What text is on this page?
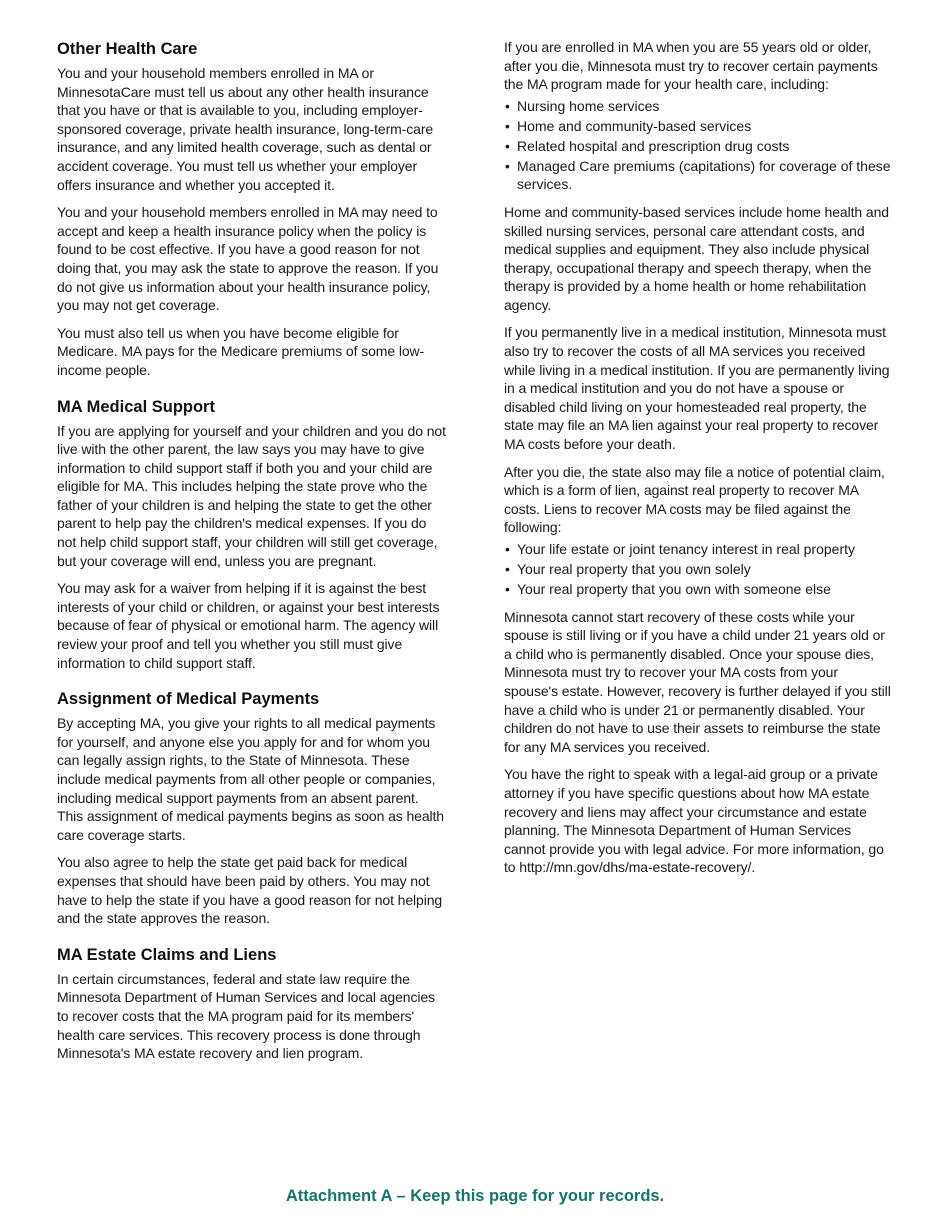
Other Health Care

You and your household members enrolled in MA or MinnesotaCare must tell us about any other health insurance that you have or that is available to you, including employer-sponsored coverage, private health insurance, long-term-care insurance, and any limited health coverage, such as dental or accident coverage. You must tell us whether your employer offers insurance and whether you accepted it.

You and your household members enrolled in MA may need to accept and keep a health insurance policy when the policy is found to be cost effective. If you have a good reason for not doing that, you may ask the state to approve the reason. If you do not give us information about your health insurance policy, you may not get coverage.

You must also tell us when you have become eligible for Medicare. MA pays for the Medicare premiums of some low-income people.

MA Medical Support

If you are applying for yourself and your children and you do not live with the other parent, the law says you may have to give information to child support staff if both you and your child are eligible for MA. This includes helping the state prove who the father of your children is and helping the state to get the other parent to help pay the children's medical expenses. If you do not help child support staff, your children will still get coverage, but your coverage will end, unless you are pregnant.

You may ask for a waiver from helping if it is against the best interests of your child or children, or against your best interests because of fear of physical or emotional harm. The agency will review your proof and tell you whether you still must give information to child support staff.

Assignment of Medical Payments

By accepting MA, you give your rights to all medical payments for yourself, and anyone else you apply for and for whom you can legally assign rights, to the State of Minnesota. These include medical payments from all other people or companies, including medical support payments from an absent parent. This assignment of medical payments begins as soon as health care coverage starts.

You also agree to help the state get paid back for medical expenses that should have been paid by others. You may not have to help the state if you have a good reason for not helping and the state approves the reason.

MA Estate Claims and Liens

In certain circumstances, federal and state law require the Minnesota Department of Human Services and local agencies to recover costs that the MA program paid for its members' health care services. This recovery process is done through Minnesota's MA estate recovery and lien program.

If you are enrolled in MA when you are 55 years old or older, after you die, Minnesota must try to recover certain payments the MA program made for your health care, including:

• Nursing home services
• Home and community-based services
• Related hospital and prescription drug costs
• Managed Care premiums (capitations) for coverage of these services.

Home and community-based services include home health and skilled nursing services, personal care attendant costs, and medical supplies and equipment. They also include physical therapy, occupational therapy and speech therapy, when the therapy is provided by a home health or home rehabilitation agency.

If you permanently live in a medical institution, Minnesota must also try to recover the costs of all MA services you received while living in a medical institution. If you are permanently living in a medical institution and you do not have a spouse or disabled child living on your homesteaded real property, the state may file an MA lien against your real property to recover MA costs before your death.

After you die, the state also may file a notice of potential claim, which is a form of lien, against real property to recover MA costs. Liens to recover MA costs may be filed against the following:

• Your life estate or joint tenancy interest in real property
• Your real property that you own solely
• Your real property that you own with someone else

Minnesota cannot start recovery of these costs while your spouse is still living or if you have a child under 21 years old or a child who is permanently disabled. Once your spouse dies, Minnesota must try to recover your MA costs from your spouse's estate. However, recovery is further delayed if you still have a child who is under 21 or permanently disabled. Your children do not have to use their assets to reimburse the state for any MA services you received.

You have the right to speak with a legal-aid group or a private attorney if you have specific questions about how MA estate recovery and liens may affect your circumstance and estate planning. The Minnesota Department of Human Services cannot provide you with legal advice. For more information, go to http://mn.gov/dhs/ma-estate-recovery/.

Attachment A – Keep this page for your records.
